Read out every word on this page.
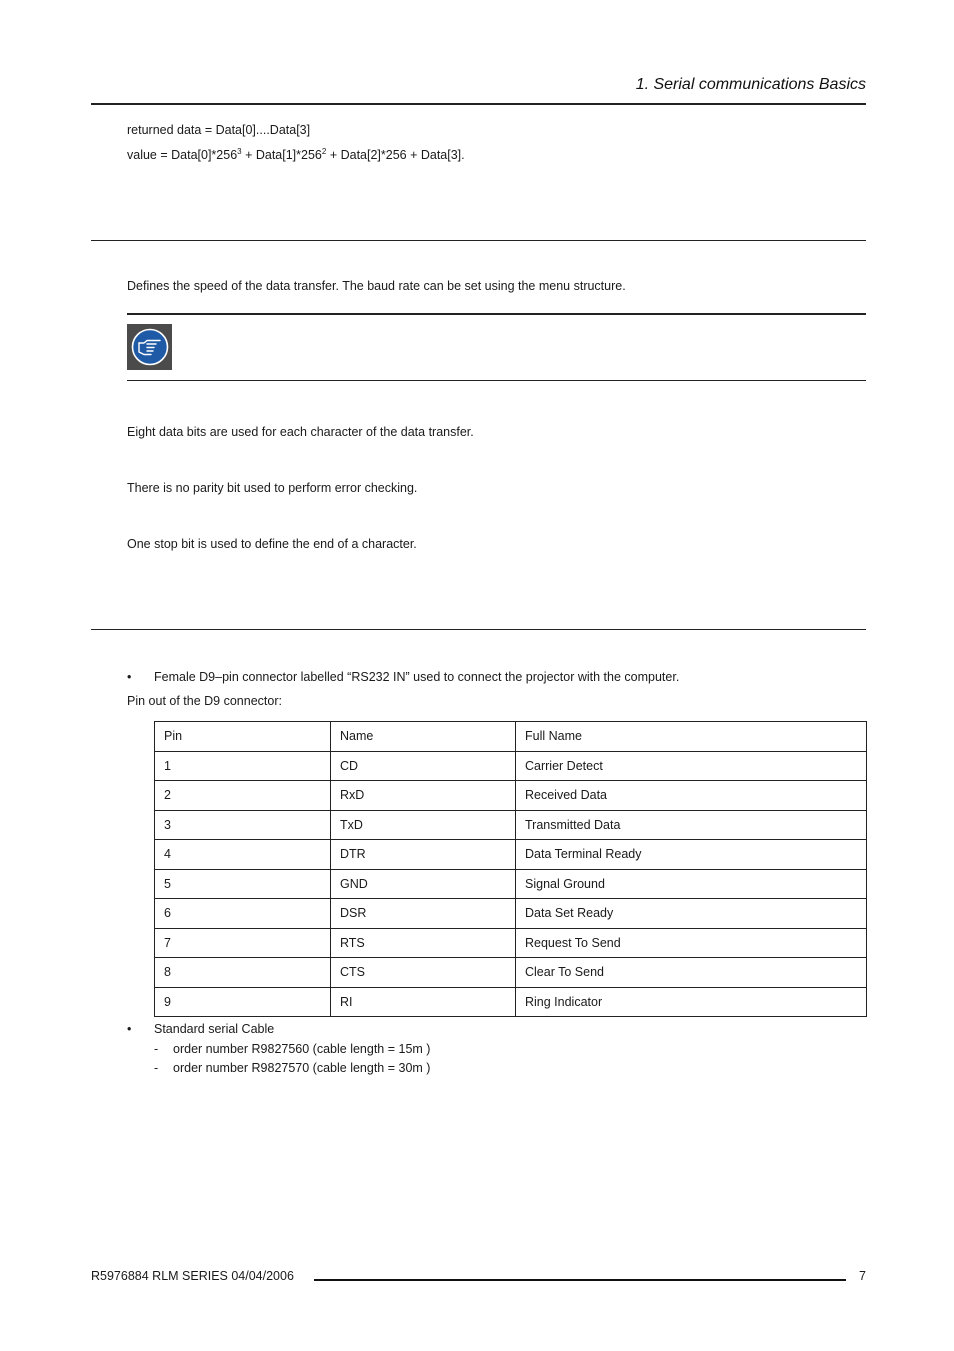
1. Serial communications Basics
returned data = Data[0]....Data[3]
value = $Data[0]*256^3$ + $Data[1]*256^2$ + Data[2]*256 + Data[3].
Defines the speed of the data transfer. The baud rate can be set using the menu structure.
Eight data bits are used for each character of the data transfer.
There is no parity bit used to perform error checking.
One stop bit is used to define the end of a character.
• Female D9–pin connector labelled “RS232 IN” used to connect the projector with the computer.
Pin out of the D9 connector:
Pin	Name	Full Name
1	CD	Carrier Detect
2	RxD	Received Data
3	TxD	Transmitted Data
4	DTR	Data Terminal Ready
5	GND	Signal Ground
6	DSR	Data Set Ready
7	RTS	Request To Send
8	CTS	Clear To Send
9	RI	Ring Indicator
• Standard serial Cable
- order number R9827560 (cable length = 15m )
- order number R9827570 (cable length = 30m )
R5976884 RLM SERIES 04/04/2006	7
